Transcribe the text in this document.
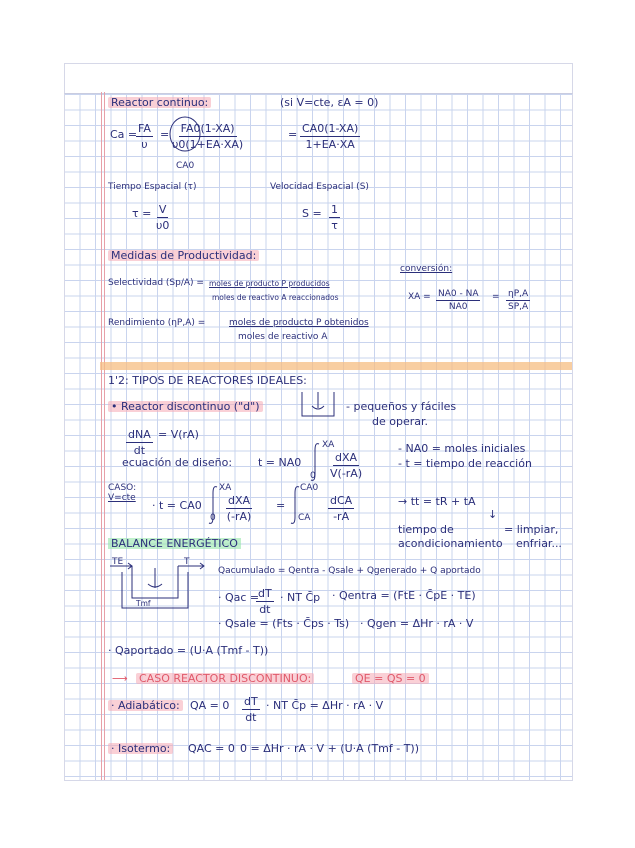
Reactor continuo:	(si V=cte, εA = 0)
Ca =
$\frac{FA}{\upsilon} = \frac{FA0(1-XA)}{\upsilon 0(1+EA\cdot XA)}$
CA0
= $\frac{CA0(1-XA)}{1+EA\cdot XA}$
Tiempo Espacial (τ)	Velocidad Espacial (S)
$\tau = \frac{V}{\upsilon 0}$	$S = \frac{1}{\tau}$
Medidas de Productividad:
conversión:
Selectividad (Sp/A) = moles de producto P producidos
moles de reactivo A reaccionados	XA = $\frac{NA0 - NA}{NA0} = \frac{\eta P,A}{SP,A}$
Rendimiento (ηP,A) =	moles de producto P obtenidos
moles de reactivo A
1'2: TIPOS DE REACTORES IDEALES:
• Reactor discontinuo ("d")	- pequeños y fáciles
de operar.
dNA
dt
= V(rA)
ecuación de diseño: t = NA0
XA
0
dXA
V(-rA)
- NA0 = moles iniciales
- t = tiempo de reacción
CASO:
V=cte
· t = CA0
XA
0
dXA
(-rA)
=
CA0
CA
dCA
-rA
→ tt = tR + tA
↓
tiempo de
acondicionamiento
= limpiar,
enfriar...
BALANCE ENERGÉTICO
TE	T
Tmf
Qacumulado = Qentra - Qsale + Qgenerado + Q aportado
· Qac =
$\frac{dT}{dt}$ · NT C̄p · Qentra = (FtE · C̄pE · TE)
· Qsale = (Fts · C̄ps · Ts) · Qgen = ΔHr · rA · V
· Qaportado = (U·A (Tmf - T))
⟶ CASO REACTOR DISCONTINUO:	QE = QS = 0
· Adiabático: QA = $0 \frac{dT}{dt}$ · NT C̄p = ΔHr · rA · V
· Isotermo: QAC = 0 0 = ΔHr · rA · V + (U·A (Tmf - T))
